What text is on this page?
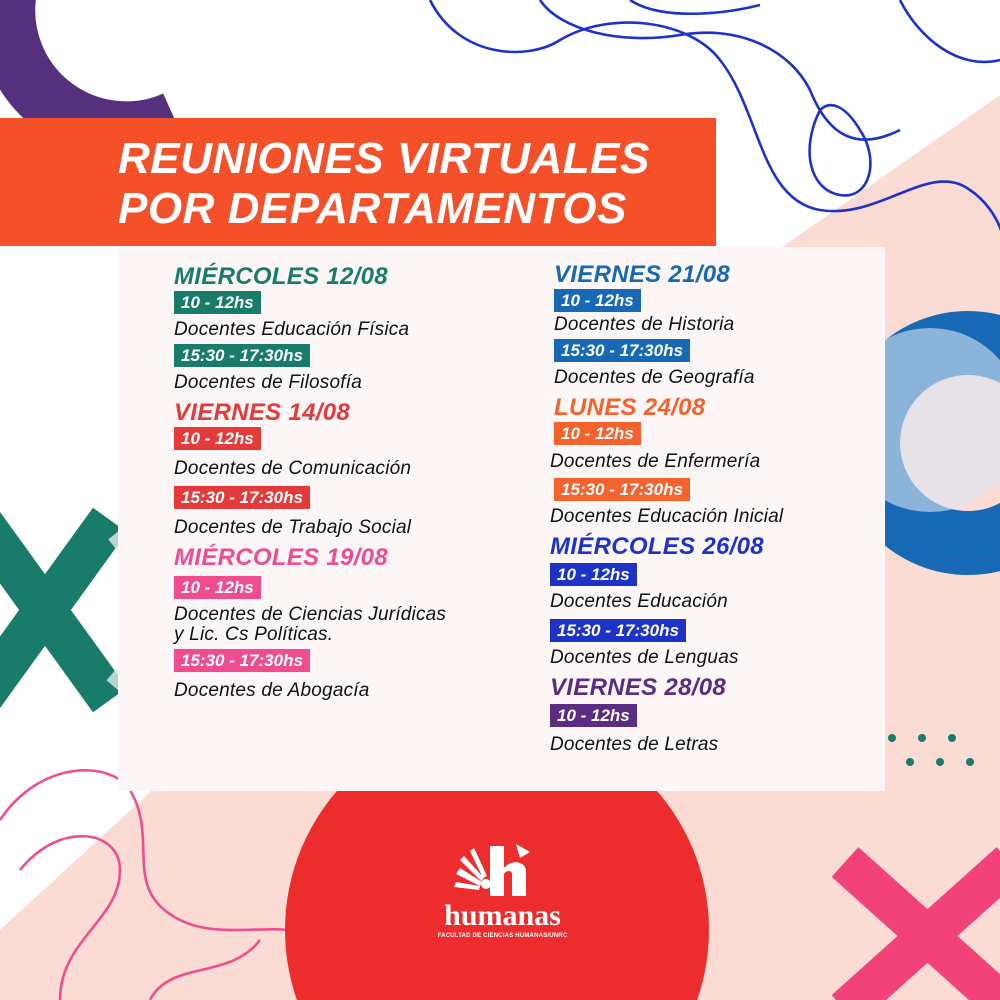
REUNIONES VIRTUALES
POR DEPARTAMENTOS
MIÉRCOLES 12/08
10 - 12hs
Docentes Educación Física
15:30 - 17:30hs
Docentes de Filosofía
VIERNES 14/08
10 - 12hs
Docentes de Comunicación
15:30 - 17:30hs
Docentes de Trabajo Social
MIÉRCOLES 19/08
10 - 12hs
Docentes de Ciencias Jurídicas
y Lic. Cs Políticas.
15:30 - 17:30hs
Docentes de Abogacía
VIERNES 21/08
10 - 12hs
Docentes de Historia
15:30 - 17:30hs
Docentes de Geografía
LUNES 24/08
10 - 12hs
Docentes de Enfermería
15:30 - 17:30hs
Docentes Educación Inicial
MIÉRCOLES 26/08
10 - 12hs
Docentes Educación
15:30 - 17:30hs
Docentes de Lenguas
VIERNES 28/08
10 - 12hs
Docentes de Letras
humanas
FACULTAD DE CIENCIAS HUMANAS/UNRC
